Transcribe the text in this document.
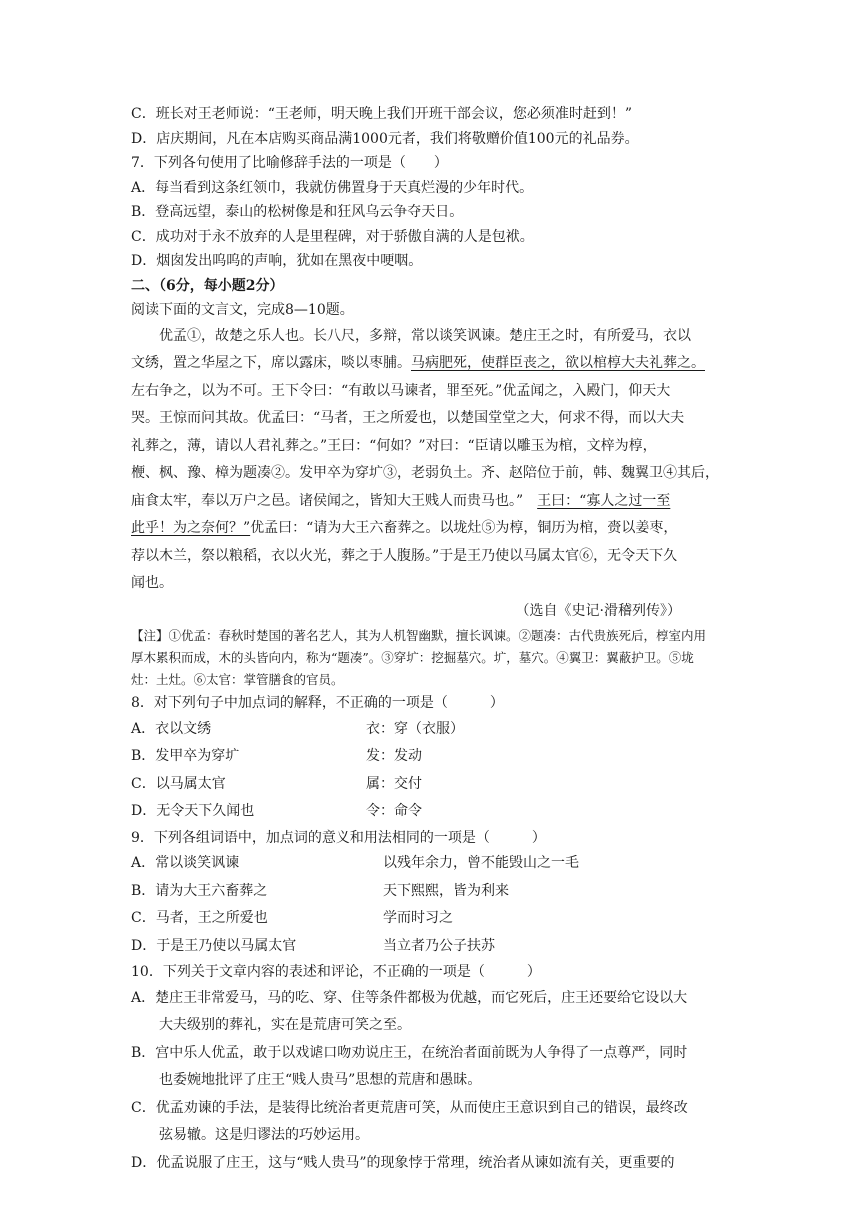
C．班长对王老师说：“王老师，明天晚上我们开班干部会议，您必须准时赶到！”
D．店庆期间，凡在本店购买商品满1000元者，我们将敬赠价值100元的礼品券。
7．下列各句使用了比喻修辞手法的一项是（　　）
A．每当看到这条红领巾，我就仿佛置身于天真烂漫的少年时代。
B．登高远望，泰山的松树像是和狂风乌云争夺天日。
C．成功对于永不放弃的人是里程碑，对于骄傲自满的人是包袱。
D．烟囱发出呜呜的声响，犹如在黑夜中哽咽。
二、（6分，每小题2分）
阅读下面的文言文，完成8—10题。
优孟①，故楚之乐人也。长八尺，多辩，常以谈笑讽谏。楚庄王之时，有所爱马，衣以
文绣，置之华屋之下，席以露床，啖以枣脯。马病肥死，使群臣丧之，欲以棺椁大夫礼葬之。
左右争之，以为不可。王下令曰：“有敢以马谏者，罪至死。”优孟闻之，入殿门，仰天大
哭。王惊而问其故。优孟曰：“马者，王之所爱也，以楚国堂堂之大，何求不得，而以大夫
礼葬之，薄，请以人君礼葬之。”王曰：“何如？”对曰：“臣请以雕玉为棺，文梓为椁，
楩、枫、豫、樟为题凑②。发甲卒为穿圹③，老弱负土。齐、赵陪位于前，韩、魏翼卫④其后，
庙食太牢，奉以万户之邑。诸侯闻之，皆知大王贱人而贵马也。”　 王曰：“寡人之过一至
此乎！为之奈何？”优孟曰：“请为大王六畜葬之。以垅灶⑤为椁，铜历为棺，赍以姜枣，
荐以木兰，祭以粮稻，衣以火光，葬之于人腹肠。”于是王乃使以马属太官⑥，无令天下久
闻也。
（选自《史记·滑稽列传》）
【注】①优孟：春秋时楚国的著名艺人，其为人机智幽默，擅长讽谏。②题凑：古代贵族死后，椁室内用
厚木累积而成，木的头皆向内，称为“题凑”。③穿圹：挖掘墓穴。圹，墓穴。④翼卫：翼蔽护卫。⑤垅
灶：土灶。⑥太官：掌管膳食的官员。
8．对下列句子中加点词的解释，不正确的一项是（　　　）
A．衣以文绣	衣：穿（衣服）
B．发甲卒为穿圹	发：发动
C．以马属太官	属：交付
D．无令天下久闻也	令：命令
9．下列各组词语中，加点词的意义和用法相同的一项是（　　　）
A．常以谈笑讽谏	以残年余力，曾不能毁山之一毛
B．请为大王六畜葬之	天下熙熙，皆为利来
C．马者，王之所爱也	学而时习之
D．于是王乃使以马属太官	当立者乃公子扶苏
10．下列关于文章内容的表述和评论，不正确的一项是（　　　）
A．楚庄王非常爱马，马的吃、穿、住等条件都极为优越，而它死后，庄王还要给它设以大
大夫级别的葬礼，实在是荒唐可笑之至。
B．宫中乐人优孟，敢于以戏谑口吻劝说庄王，在统治者面前既为人争得了一点尊严，同时
也委婉地批评了庄王“贱人贵马”思想的荒唐和愚昧。
C．优孟劝谏的手法，是装得比统治者更荒唐可笑，从而使庄王意识到自己的错误，最终改
弦易辙。这是归谬法的巧妙运用。
D．优孟说服了庄王，这与“贱人贵马”的现象悖于常理，统治者从谏如流有关，更重要的
